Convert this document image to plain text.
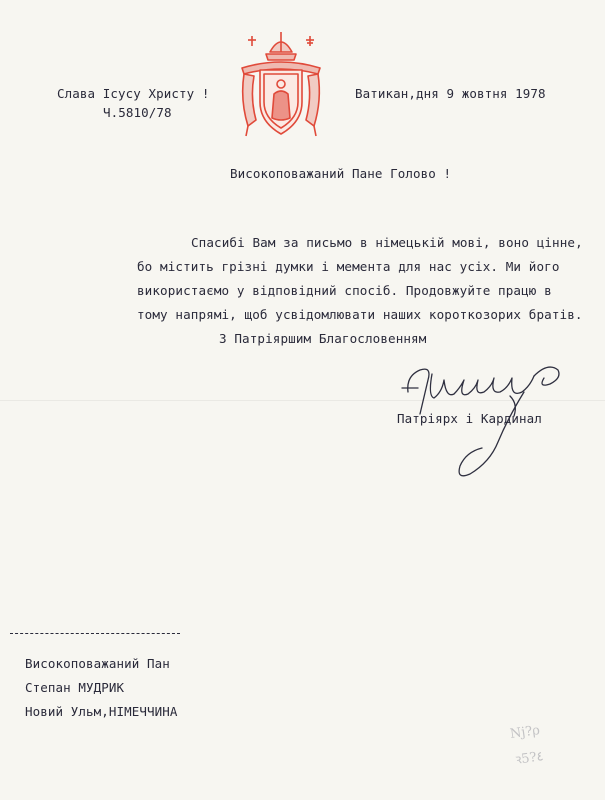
Слава Ісусу Христу !
Ч.5810/78
Ватикан,дня 9 жовтня 1978
Високоповажаний Пане Голово !
Спасибі Вам за письмо в німецькій мові, воно цінне,
бо містить грізні думки і мемента для нас усіх. Ми його
використаємо у відповідний спосіб. Продовжуйте працю в
тому напрямі, щоб усвідомлювати наших короткозорих братів.
З Патріяршим Благословенням
Патріярх і Кардинал
Високоповажаний Пан
Степан МУДРИК
Новий Ульм,НІМЕЧЧИНА
ǋ?ρ
ꝛ5?٤
